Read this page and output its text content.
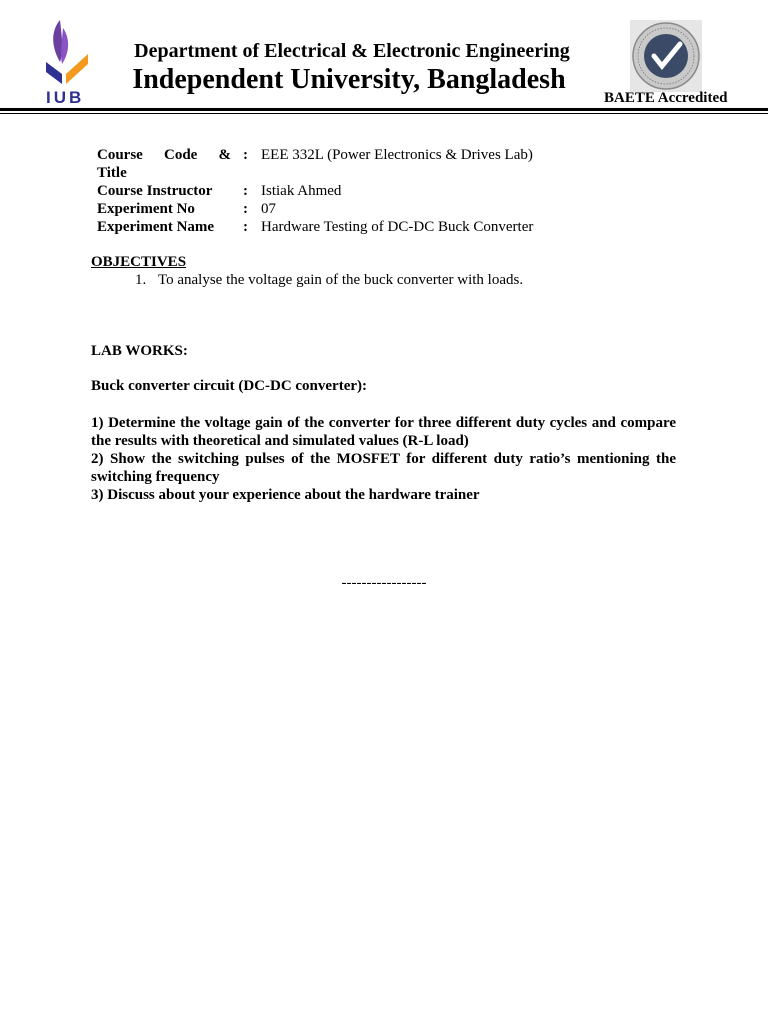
IUB
Department of Electrical & Electronic Engineering
Independent University, Bangladesh
BAETE Accredited
Course Code &
Title
: EEE 332L (Power Electronics & Drives Lab)
Course Instructor	: Istiak Ahmed
Experiment No	: 07
Experiment Name	: Hardware Testing of DC-DC Buck Converter
OBJECTIVES
1. To analyse the voltage gain of the buck converter with loads.
LAB WORKS:
Buck converter circuit (DC-DC converter):
1) Determine the voltage gain of the converter for three different duty cycles and compare the results with theoretical and simulated values (R-L load)
2) Show the switching pulses of the MOSFET for different duty ratio’s mentioning the switching frequency
3) Discuss about your experience about the hardware trainer
-----------------
